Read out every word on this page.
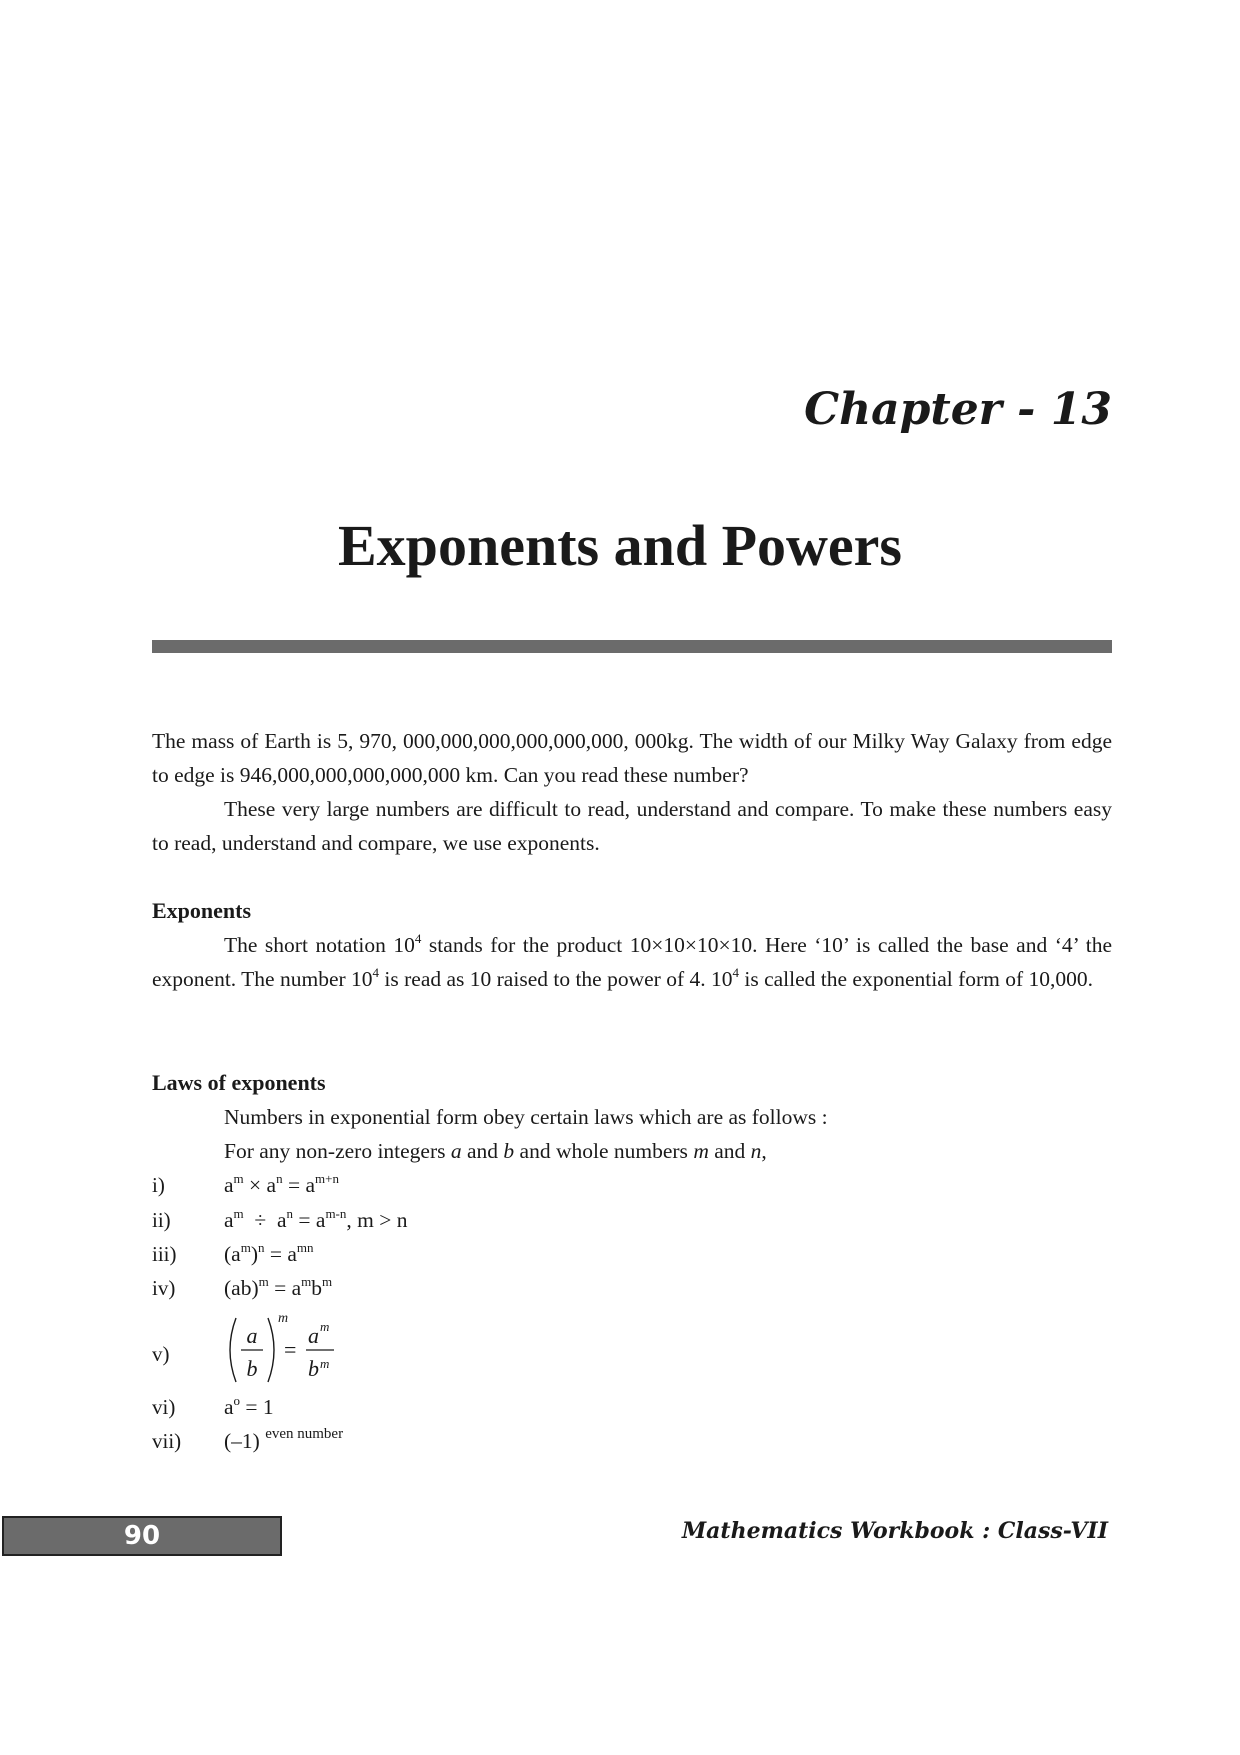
Chapter - 13
Exponents and Powers

The mass of Earth is 5, 970, 000,000,000,000,000,000, 000kg. The width of our Milky Way Galaxy from edge to edge is 946,000,000,000,000,000 km. Can you read these number?

These very large numbers are difficult to read, understand and compare. To make these numbers easy to read, understand and compare, we use exponents.

Exponents

The short notation $10^4$ stands for the product 10×10×10×10. Here ‘10’ is called the base and ‘4’ the exponent. The number $10^4$ is read as 10 raised to the power of 4. $10^4$ is called the exponential form of 10,000.

Laws of exponents

Numbers in exponential form obey certain laws which are as follows :

For any non-zero integers a and b and whole numbers m and n,

i)	$a^m \times a^n = a^{m+n}$
ii) $a^m \div a^n = a^{m-n}$, m > n
iii) $(a^m)^n = a^{mn}$
iv) $(ab)^m = a^mb^m$
v)
a
b
m
=
a m
b m
vi) $a^o = 1$
vii) (–1) $^{even number}$
90	Mathematics Workbook : Class-VII
